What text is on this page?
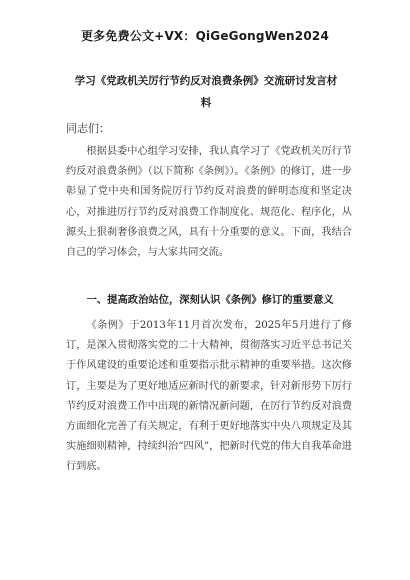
更多免费公文+VX：QiGeGongWen2024
学习《党政机关厉行节约反对浪费条例》交流研讨发言材料
同志们：

根据县委中心组学习安排，我认真学习了《党政机关厉行节约反对浪费条例》（以下简称《条例》）。《条例》的修订，进一步彰显了党中央和国务院厉行节约反对浪费的鲜明态度和坚定决心，对推进厉行节约反对浪费工作制度化、规范化、程序化，从源头上狠刹奢侈浪费之风，具有十分重要的意义。下面，我结合自己的学习体会，与大家共同交流。

一、提高政治站位，深刻认识《条例》修订的重要意义

《条例》于2013年11月首次发布，2025年5月进行了修订，是深入贯彻落实党的二十大精神，贯彻落实习近平总书记关于作风建设的重要论述和重要指示批示精神的重要举措。这次修订，主要是为了更好地适应新时代的新要求，针对新形势下厉行节约反对浪费工作中出现的新情况新问题，在厉行节约反对浪费方面细化完善了有关规定，有利于更好地落实中央八项规定及其实施细则精神，持续纠治“四风”，把新时代党的伟大自我革命进行到底。
